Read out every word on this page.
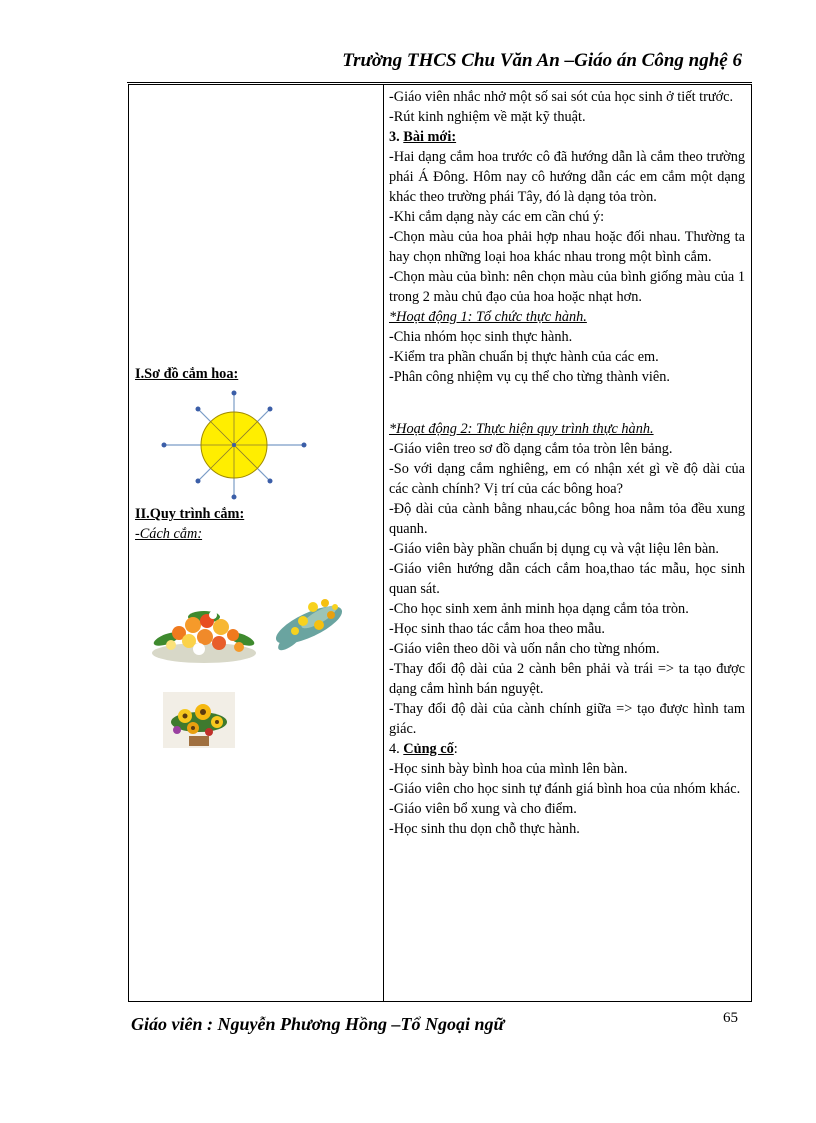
Trường THCS Chu Văn An –Giáo án Công nghệ 6
I.Sơ đồ cắm hoa:
II.Quy trình cắm:
-Cách cắm:

-Giáo viên nhắc nhở một số sai sót của học sinh ở tiết trước.

-Rút kinh nghiệm về mặt kỹ thuật.

3. Bài mới:

-Hai dạng cắm hoa trước cô đã hướng dẫn là cắm theo trường phái Á Đông. Hôm nay cô hướng dẫn các em cắm một dạng khác theo trường phái Tây, đó là dạng tỏa tròn.

-Khi cắm dạng này các em cần chú ý:

-Chọn màu của hoa phải hợp nhau hoặc đối nhau. Thường ta hay chọn những loại hoa khác nhau trong một bình cắm.

-Chọn màu của bình: nên chọn màu của bình giống màu của 1 trong 2 màu chủ đạo của hoa hoặc nhạt hơn.

*Hoạt động 1: Tổ chức thực hành.

-Chia nhóm học sinh thực hành.

-Kiểm tra phần chuẩn bị thực hành của các em.

-Phân công nhiệm vụ cụ thể cho từng thành viên.

*Hoạt động 2: Thực hiện quy trình thực hành.

-Giáo viên treo sơ đồ dạng cắm tỏa tròn lên bảng.

-So với dạng cắm nghiêng, em có nhận xét gì về độ dài của các cành chính? Vị trí của các bông hoa?

-Độ dài của cành bằng nhau,các bông hoa nằm tỏa đều xung quanh.

-Giáo viên bày phần chuẩn bị dụng cụ và vật liệu lên bàn.

-Giáo viên hướng dẫn cách cắm hoa,thao tác mẫu, học sinh quan sát.

-Cho học sinh xem ảnh minh họa dạng cắm tỏa tròn.

-Học sinh thao tác cắm hoa theo mẫu.

-Giáo viên theo dõi và uốn nắn cho từng nhóm.

-Thay đổi độ dài của 2 cành bên phải và trái => ta tạo được dạng cắm hình bán nguyệt.

-Thay đổi độ dài của cành chính giữa => tạo được hình tam giác.

4. Củng cố:

-Học sinh bày bình hoa của mình lên bàn.

-Giáo viên cho học sinh tự đánh giá bình hoa của nhóm khác.

-Giáo viên bổ xung và cho điểm.

-Học sinh thu dọn chỗ thực hành.

Giáo viên : Nguyễn Phương Hồng –Tổ Ngoại ngữ	65
